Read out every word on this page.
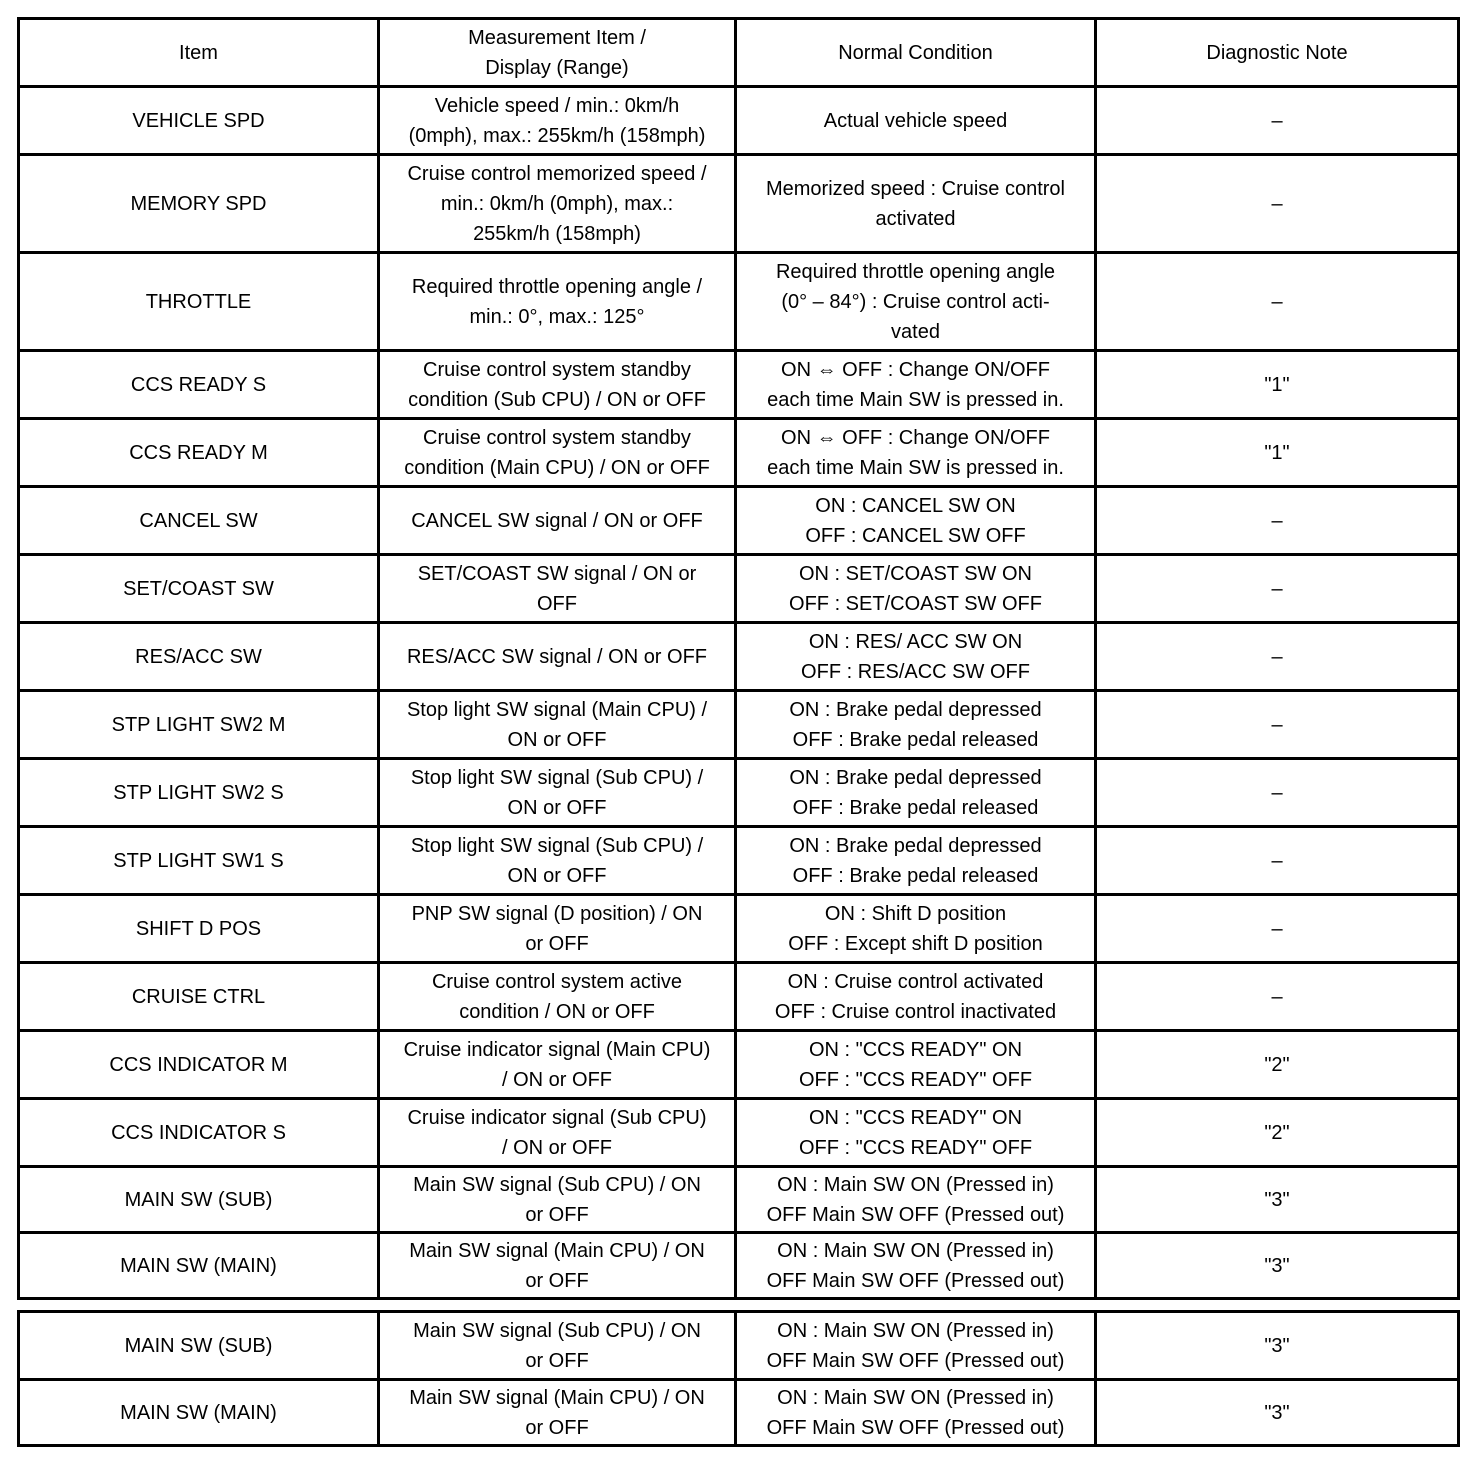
Item	Measurement Item /
Display (Range)	Normal Condition	Diagnostic Note

VEHICLE SPD	Vehicle speed / min.: 0km/h
(0mph), max.: 255km/h (158mph)	Actual vehicle speed	–

MEMORY SPD	Cruise control memorized speed /
min.: 0km/h (0mph), max.:
255km/h (158mph)	Memorized speed : Cruise control
activated	–

THROTTLE	Required throttle opening angle /
min.: 0°, max.: 125°	Required throttle opening angle
(0° – 84°) : Cruise control acti-
vated	–

CCS READY S	Cruise control system standby
condition (Sub CPU) / ON or OFF	ON ⇔ OFF : Change ON/OFF
each time Main SW is pressed in.	"1"

CCS READY M	Cruise control system standby
condition (Main CPU) / ON or OFF	ON ⇔ OFF : Change ON/OFF
each time Main SW is pressed in.	"1"

CANCEL SW	CANCEL SW signal / ON or OFF	ON : CANCEL SW ON
OFF : CANCEL SW OFF	–

SET/COAST SW	SET/COAST SW signal / ON or
OFF	ON : SET/COAST SW ON
OFF : SET/COAST SW OFF	–

RES/ACC SW	RES/ACC SW signal / ON or OFF	ON : RES/ ACC SW ON
OFF : RES/ACC SW OFF	–

STP LIGHT SW2 M	Stop light SW signal (Main CPU) /
ON or OFF	ON : Brake pedal depressed
OFF : Brake pedal released	–

STP LIGHT SW2 S	Stop light SW signal (Sub CPU) /
ON or OFF	ON : Brake pedal depressed
OFF : Brake pedal released	–

STP LIGHT SW1 S	Stop light SW signal (Sub CPU) /
ON or OFF	ON : Brake pedal depressed
OFF : Brake pedal released	–

SHIFT D POS	PNP SW signal (D position) / ON
or OFF	ON : Shift D position
OFF : Except shift D position	–

CRUISE CTRL	Cruise control system active
condition / ON or OFF	ON : Cruise control activated
OFF : Cruise control inactivated	–

CCS INDICATOR M	Cruise indicator signal (Main CPU)
/ ON or OFF	ON : "CCS READY" ON
OFF : "CCS READY" OFF	"2"

CCS INDICATOR S	Cruise indicator signal (Sub CPU)
/ ON or OFF	ON : "CCS READY" ON
OFF : "CCS READY" OFF	"2"

MAIN SW (SUB)	Main SW signal (Sub CPU) / ON
or OFF	ON : Main SW ON (Pressed in)
OFF Main SW OFF (Pressed out)	"3"

MAIN SW (MAIN)	Main SW signal (Main CPU) / ON
or OFF	ON : Main SW ON (Pressed in)
OFF Main SW OFF (Pressed out)	"3"
MAIN SW (SUB)	Main SW signal (Sub CPU) / ON
or OFF	ON : Main SW ON (Pressed in)
OFF Main SW OFF (Pressed out)	"3"

MAIN SW (MAIN)	Main SW signal (Main CPU) / ON
or OFF	ON : Main SW ON (Pressed in)
OFF Main SW OFF (Pressed out)	"3"
